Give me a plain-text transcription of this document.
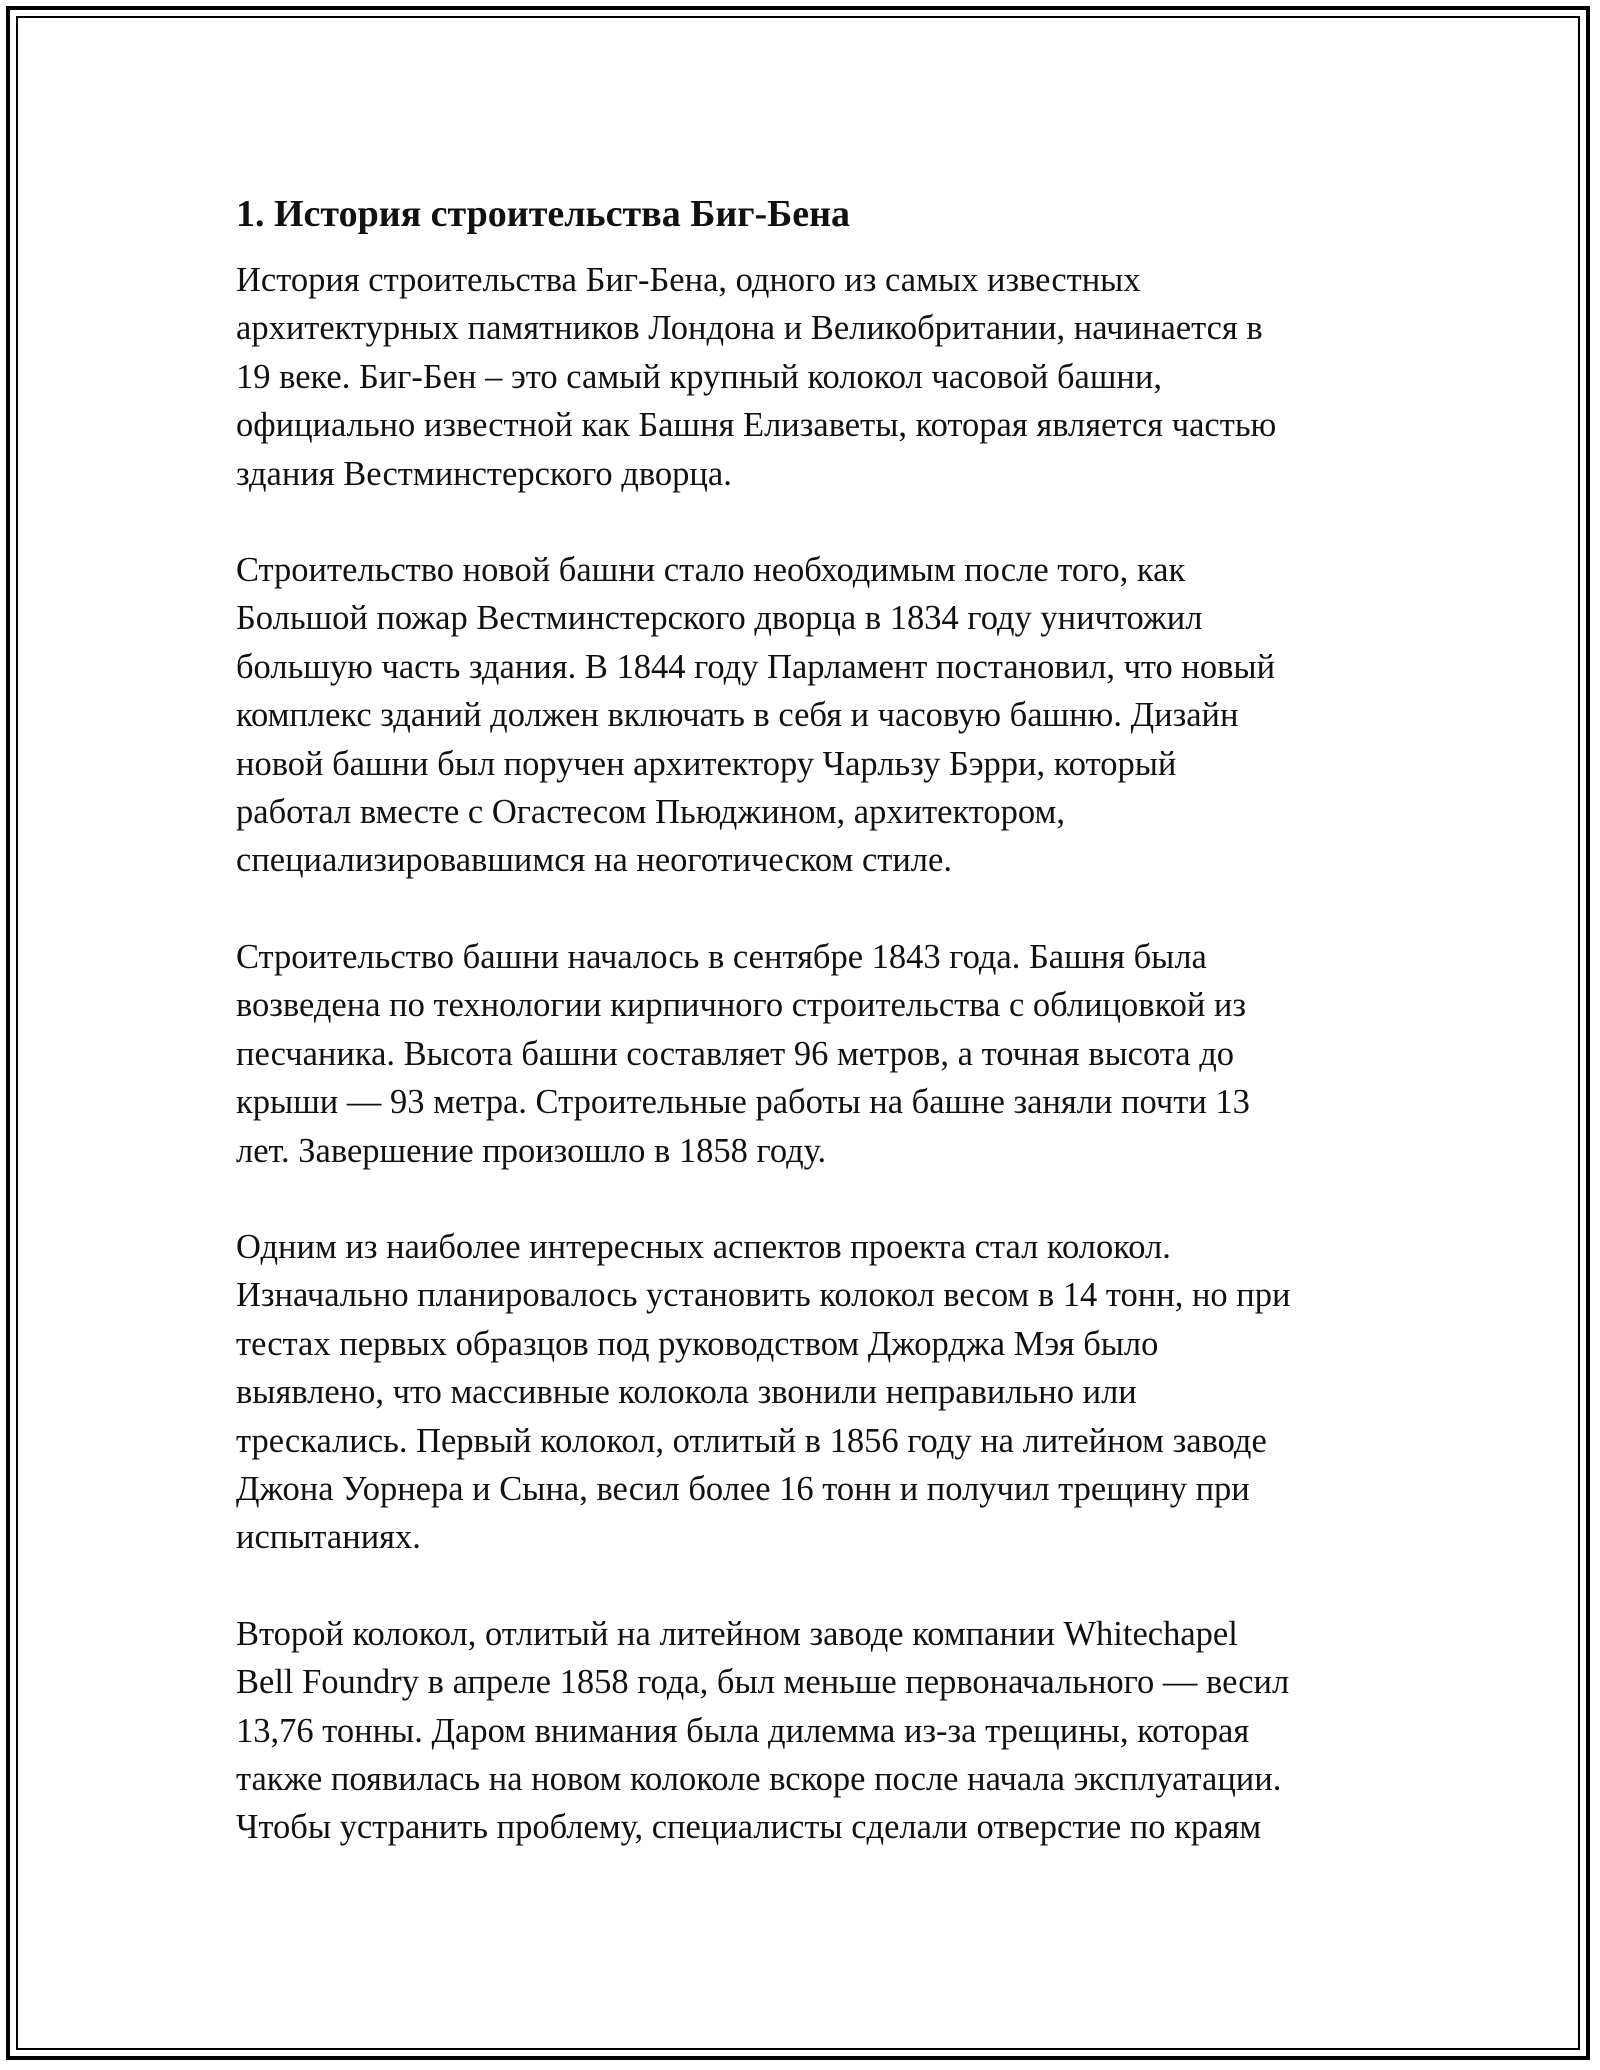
1. История строительства Биг-Бена

История строительства Биг-Бена, одного из самых известных
архитектурных памятников Лондона и Великобритании, начинается в
19 веке. Биг-Бен – это самый крупный колокол часовой башни,
официально известной как Башня Елизаветы, которая является частью
здания Вестминстерского дворца.

Строительство новой башни стало необходимым после того, как
Большой пожар Вестминстерского дворца в 1834 году уничтожил
большую часть здания. В 1844 году Парламент постановил, что новый
комплекс зданий должен включать в себя и часовую башню. Дизайн
новой башни был поручен архитектору Чарльзу Бэрри, который
работал вместе с Огастесом Пьюджином, архитектором,
специализировавшимся на неоготическом стиле.

Строительство башни началось в сентябре 1843 года. Башня была
возведена по технологии кирпичного строительства с облицовкой из
песчаника. Высота башни составляет 96 метров, а точная высота до
крыши — 93 метра. Строительные работы на башне заняли почти 13
лет. Завершение произошло в 1858 году.

Одним из наиболее интересных аспектов проекта стал колокол.
Изначально планировалось установить колокол весом в 14 тонн, но при
тестах первых образцов под руководством Джорджа Мэя было
выявлено, что массивные колокола звонили неправильно или
трескались. Первый колокол, отлитый в 1856 году на литейном заводе
Джона Уорнера и Сына, весил более 16 тонн и получил трещину при
испытаниях.

Второй колокол, отлитый на литейном заводе компании Whitechapel
Bell Foundry в апреле 1858 года, был меньше первоначального — весил
13,76 тонны. Даром внимания была дилемма из-за трещины, которая
также появилась на новом колоколе вскоре после начала эксплуатации.
Чтобы устранить проблему, специалисты сделали отверстие по краям
